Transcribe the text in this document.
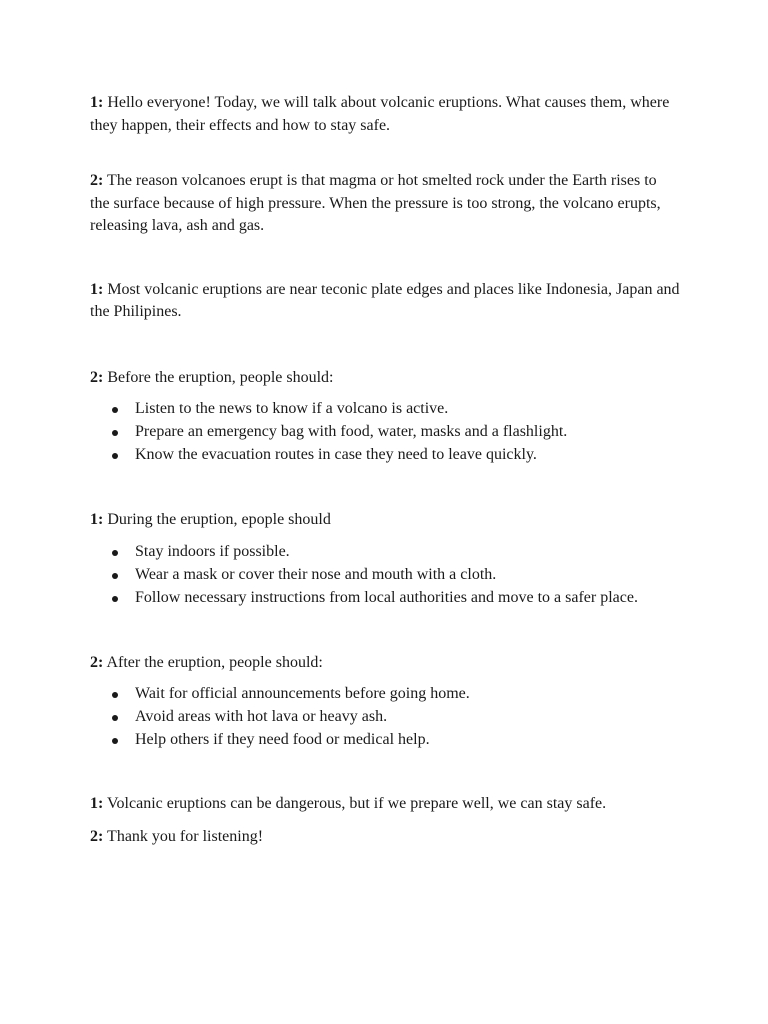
1: Hello everyone! Today, we will talk about volcanic eruptions. What causes them, where they happen, their effects and how to stay safe.

2: The reason volcanoes erupt is that magma or hot smelted rock under the Earth rises to the surface because of high pressure. When the pressure is too strong, the volcano erupts, releasing lava, ash and gas.

1: Most volcanic eruptions are near teconic plate edges and places like Indonesia, Japan and the Philipines.

2: Before the eruption, people should:

Listen to the news to know if a volcano is active.
Prepare an emergency bag with food, water, masks and a flashlight.
Know the evacuation routes in case they need to leave quickly.

1: During the eruption, epople should

Stay indoors if possible.
Wear a mask or cover their nose and mouth with a cloth.
Follow necessary instructions from local authorities and move to a safer place.

2: After the eruption, people should:

Wait for official announcements before going home.
Avoid areas with hot lava or heavy ash.
Help others if they need food or medical help.

1: Volcanic eruptions can be dangerous, but if we prepare well, we can stay safe.

2: Thank you for listening!
